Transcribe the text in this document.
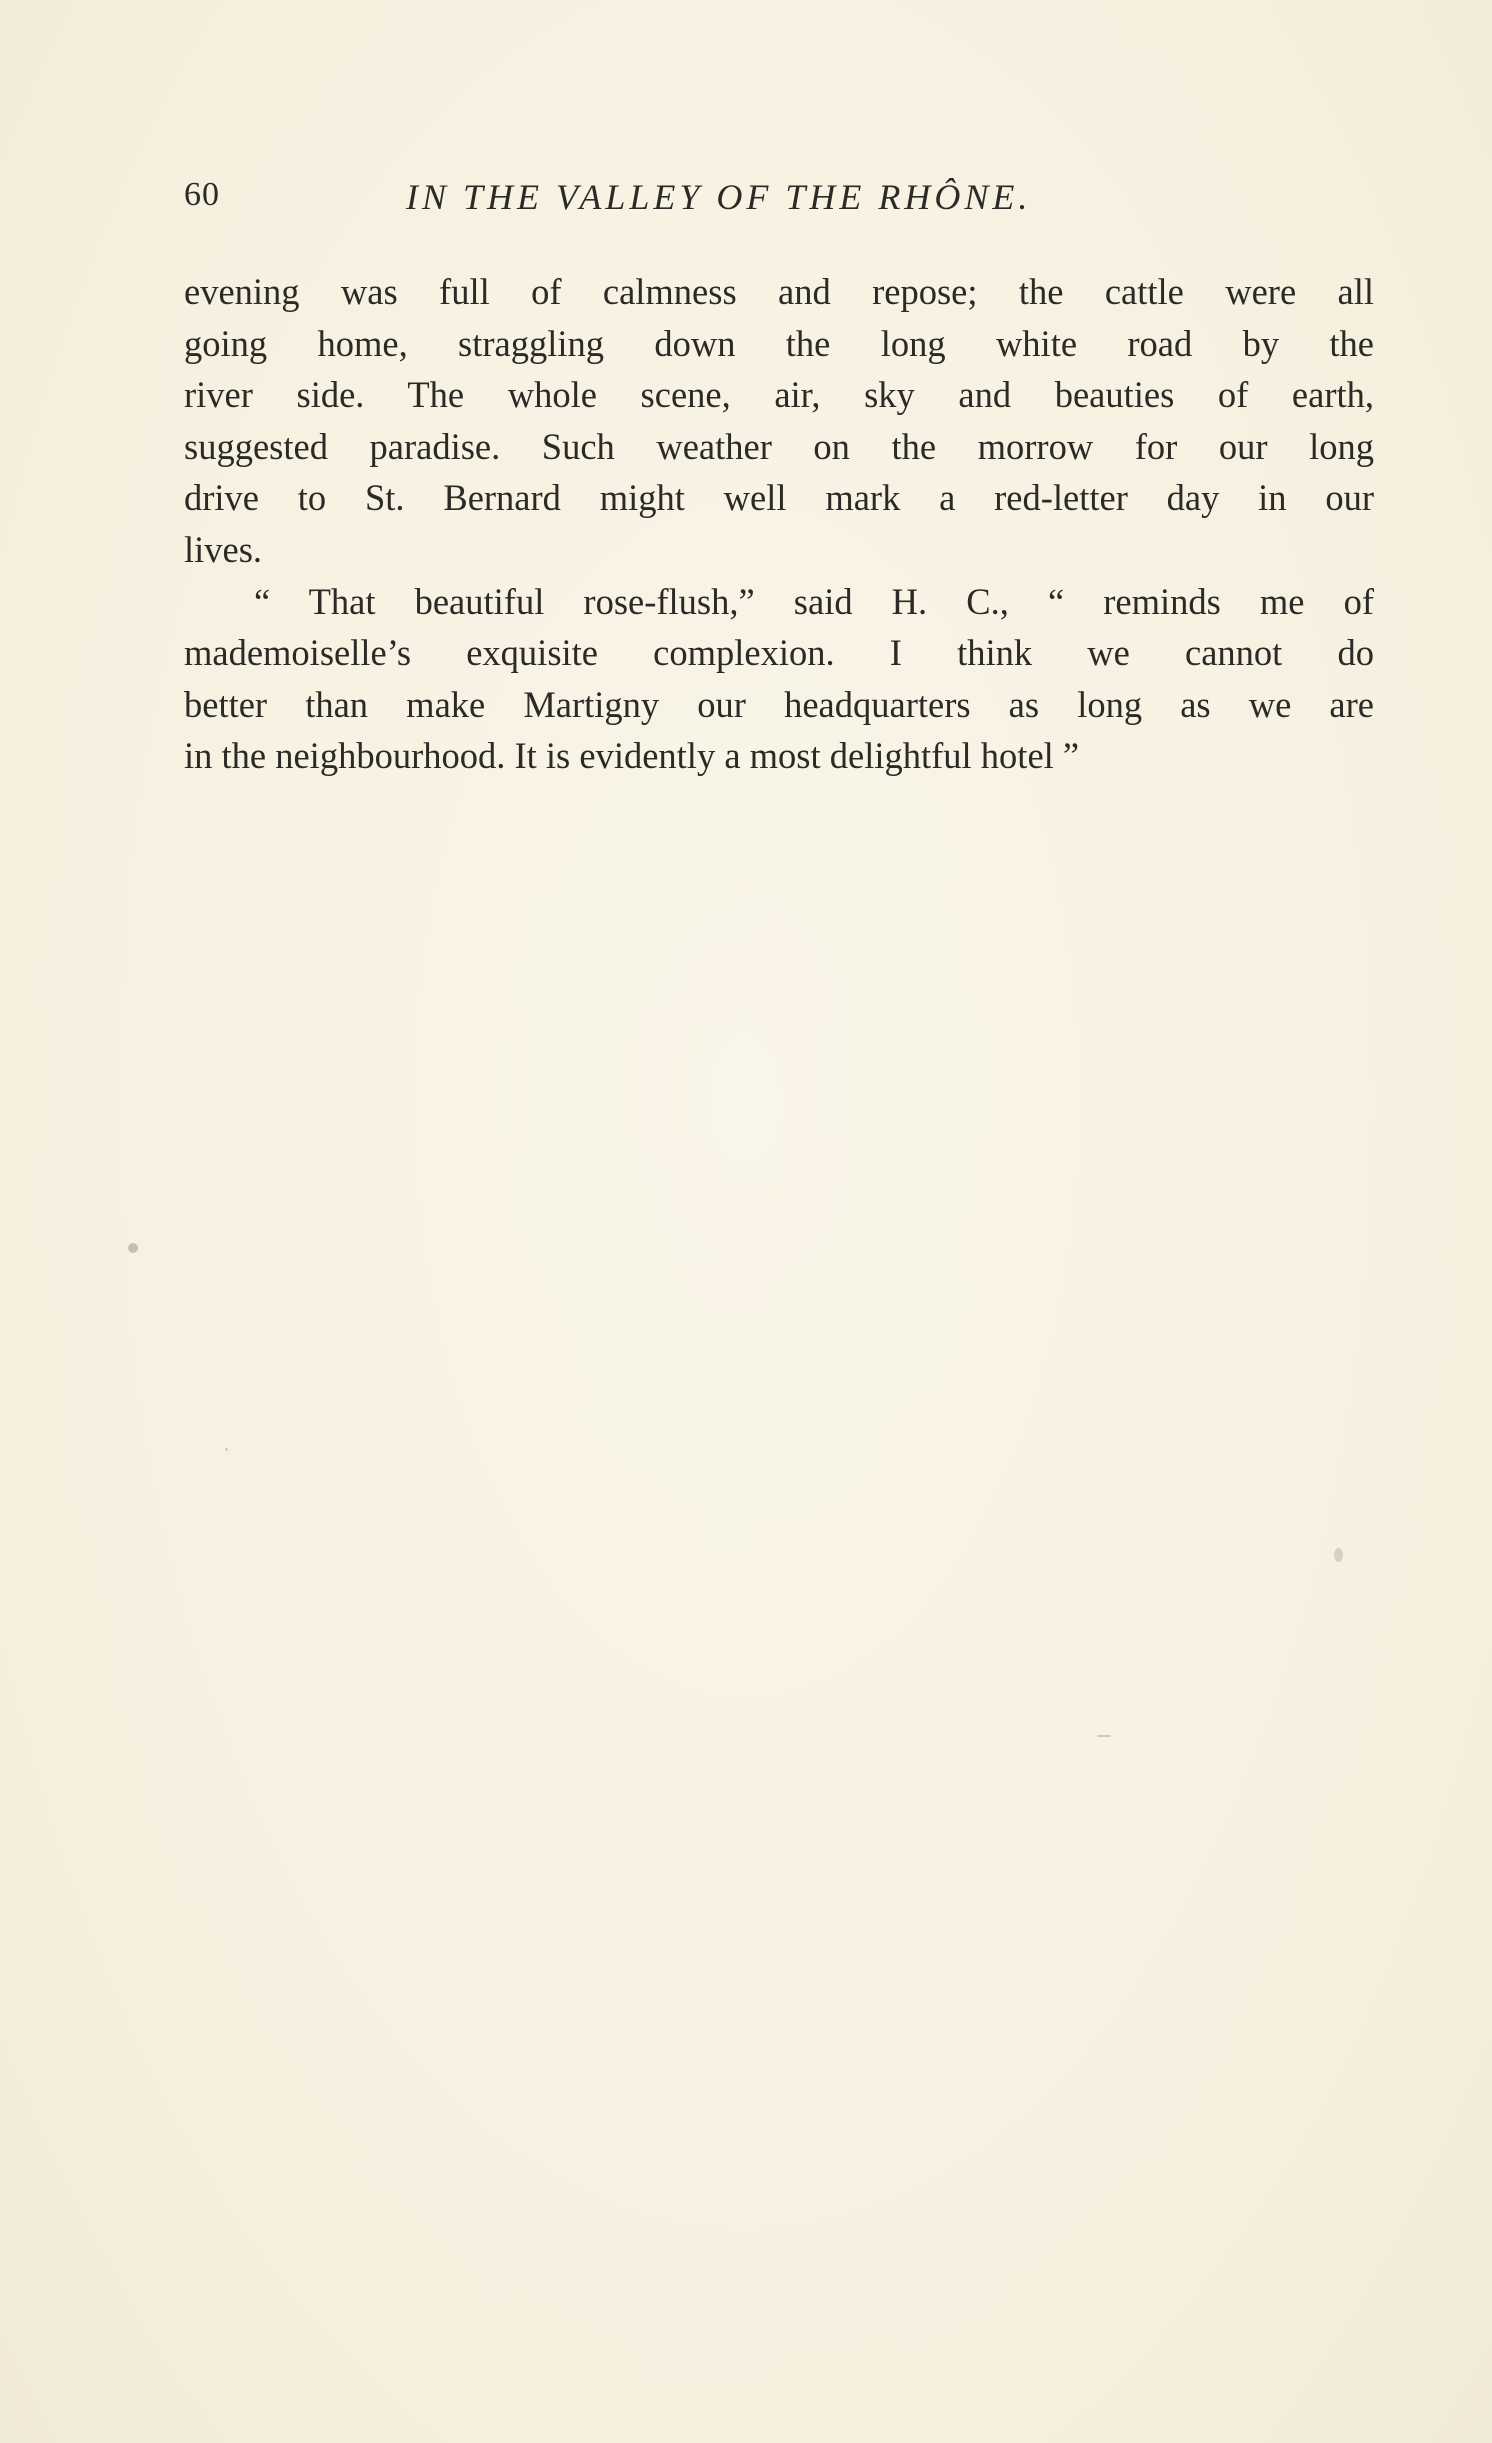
60	IN THE VALLEY OF THE RHÔNE.
evening was full of calmness and repose; the cattle were all
going home, straggling down the long white road by the
river side. The whole scene, air, sky and beauties of earth,
suggested paradise. Such weather on the morrow for our long
drive to St. Bernard might well mark a red-letter day in our
lives.
“ That beautiful rose-flush,” said H. C., “ reminds me of
mademoiselle’s exquisite complexion. I think we cannot do
better than make Martigny our headquarters as long as we are
in the neighbourhood. It is evidently a most delightful hotel ”
